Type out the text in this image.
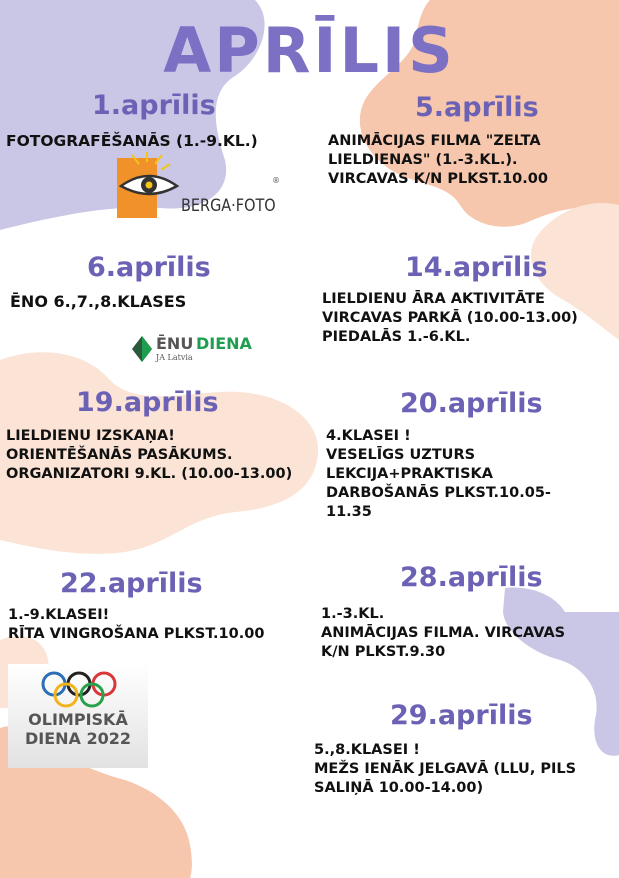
APRĪLIS
1.aprīlis
FOTOGRAFĒŠANĀS (1.-9.KL.)
BERGA·FOTO
®
5.aprīlis
ANIMĀCIJAS FILMA "ZELTA
LIELDIENAS" (1.-3.KL.).
VIRCAVAS K/N PLKST.10.00
6.aprīlis
ĒNO 6.,7.,8.KLASES
ĒNU DIENA
JA Latvia
14.aprīlis
LIELDIENU ĀRA AKTIVITĀTE
VIRCAVAS PARKĀ (10.00-13.00)
PIEDALĀS 1.-6.KL.
19.aprīlis
LIELDIENU IZSKAŅA!
ORIENTĒŠANĀS PASĀKUMS.
ORGANIZATORI 9.KL. (10.00-13.00)
20.aprīlis
4.KLASEI !
VESELĪGS UZTURS
LEKCIJA+PRAKTISKA
DARBOŠANĀS PLKST.10.05-
11.35
22.aprīlis
1.-9.KLASEI!
RĪTA VINGROŠANA PLKST.10.00
OLIMPISKĀ
DIENA 2022
28.aprīlis
1.-3.KL.
ANIMĀCIJAS FILMA. VIRCAVAS
K/N PLKST.9.30
29.aprīlis
5.,8.KLASEI !
MEŽS IENĀK JELGAVĀ (LLU, PILS
SALIŅĀ 10.00-14.00)
